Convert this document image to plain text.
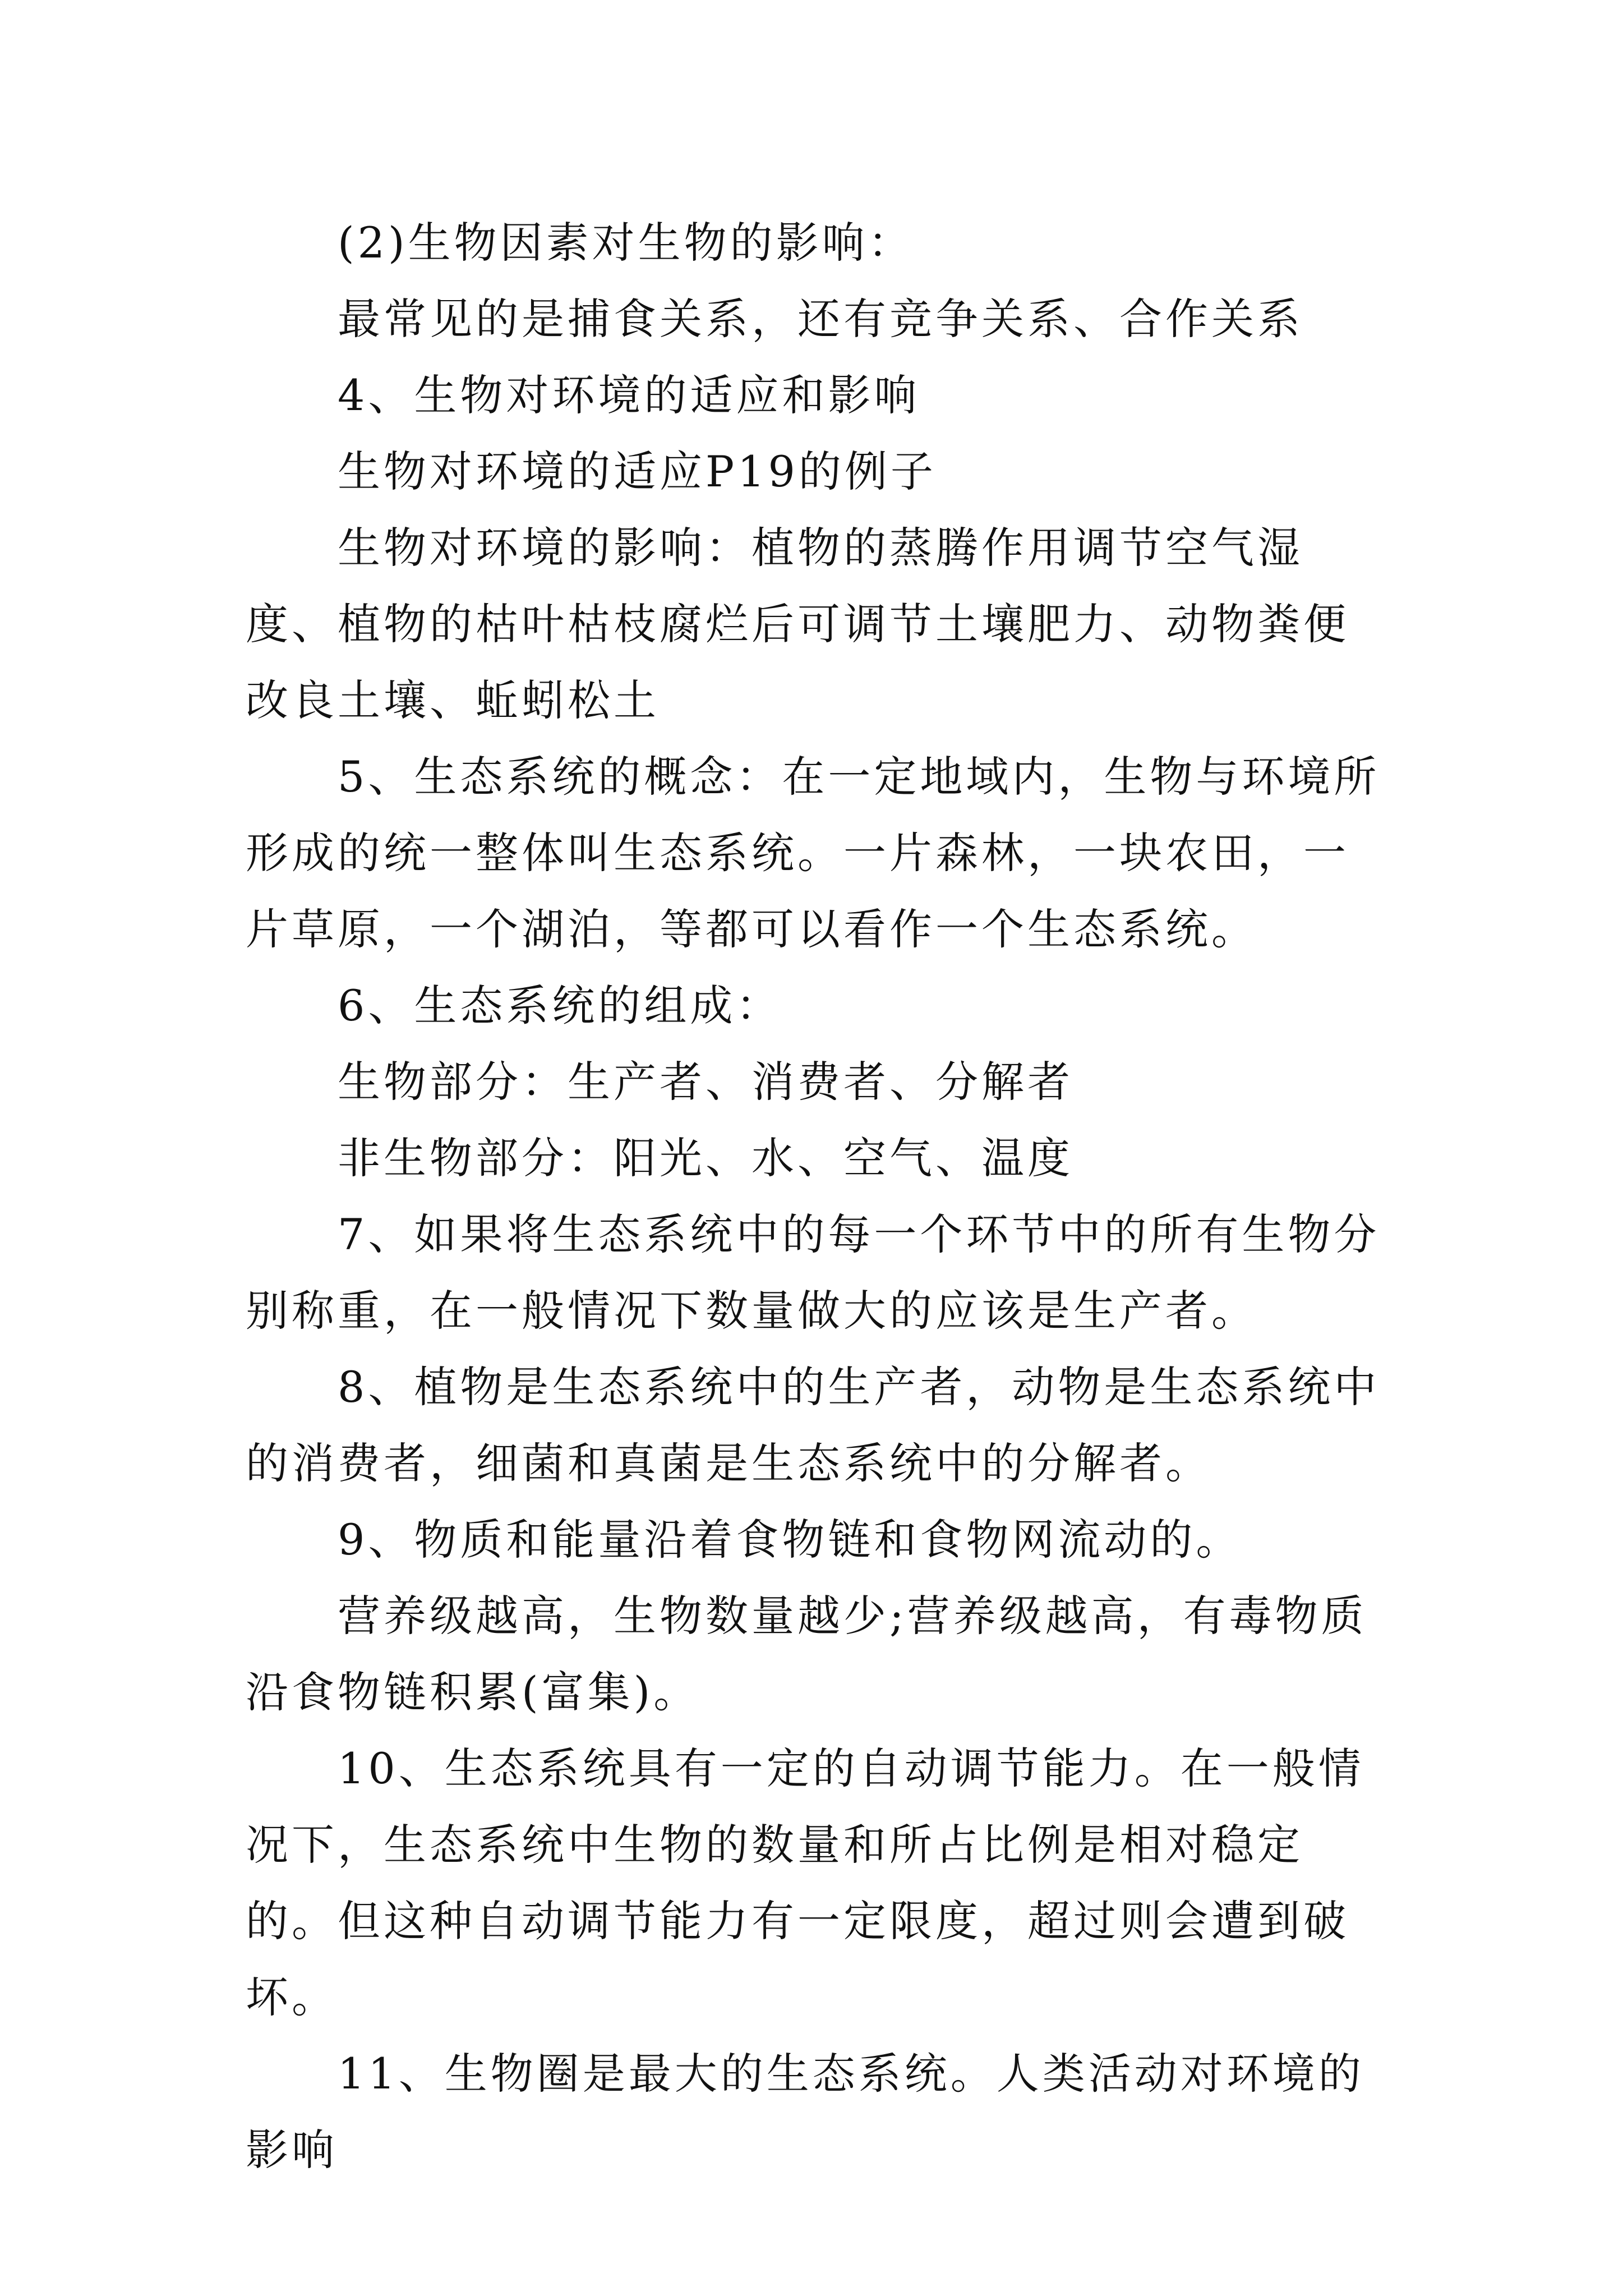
(2)生物因素对生物的影响：

最常见的是捕食关系，还有竞争关系、合作关系

4、生物对环境的适应和影响

生物对环境的适应P19的例子

生物对环境的影响：植物的蒸腾作用调节空气湿度、植物的枯叶枯枝腐烂后可调节土壤肥力、动物粪便改良土壤、蚯蚓松土

5、生态系统的概念：在一定地域内，生物与环境所形成的统一整体叫生态系统。一片森林，一块农田，一片草原，一个湖泊，等都可以看作一个生态系统。

6、生态系统的组成：

生物部分：生产者、消费者、分解者

非生物部分：阳光、水、空气、温度

7、如果将生态系统中的每一个环节中的所有生物分别称重，在一般情况下数量做大的应该是生产者。

8、植物是生态系统中的生产者，动物是生态系统中的消费者，细菌和真菌是生态系统中的分解者。

9、物质和能量沿着食物链和食物网流动的。

营养级越高，生物数量越少;营养级越高，有毒物质沿食物链积累(富集)。

10、生态系统具有一定的自动调节能力。在一般情况下，生态系统中生物的数量和所占比例是相对稳定的。但这种自动调节能力有一定限度，超过则会遭到破坏。

11、生物圈是最大的生态系统。人类活动对环境的影响
